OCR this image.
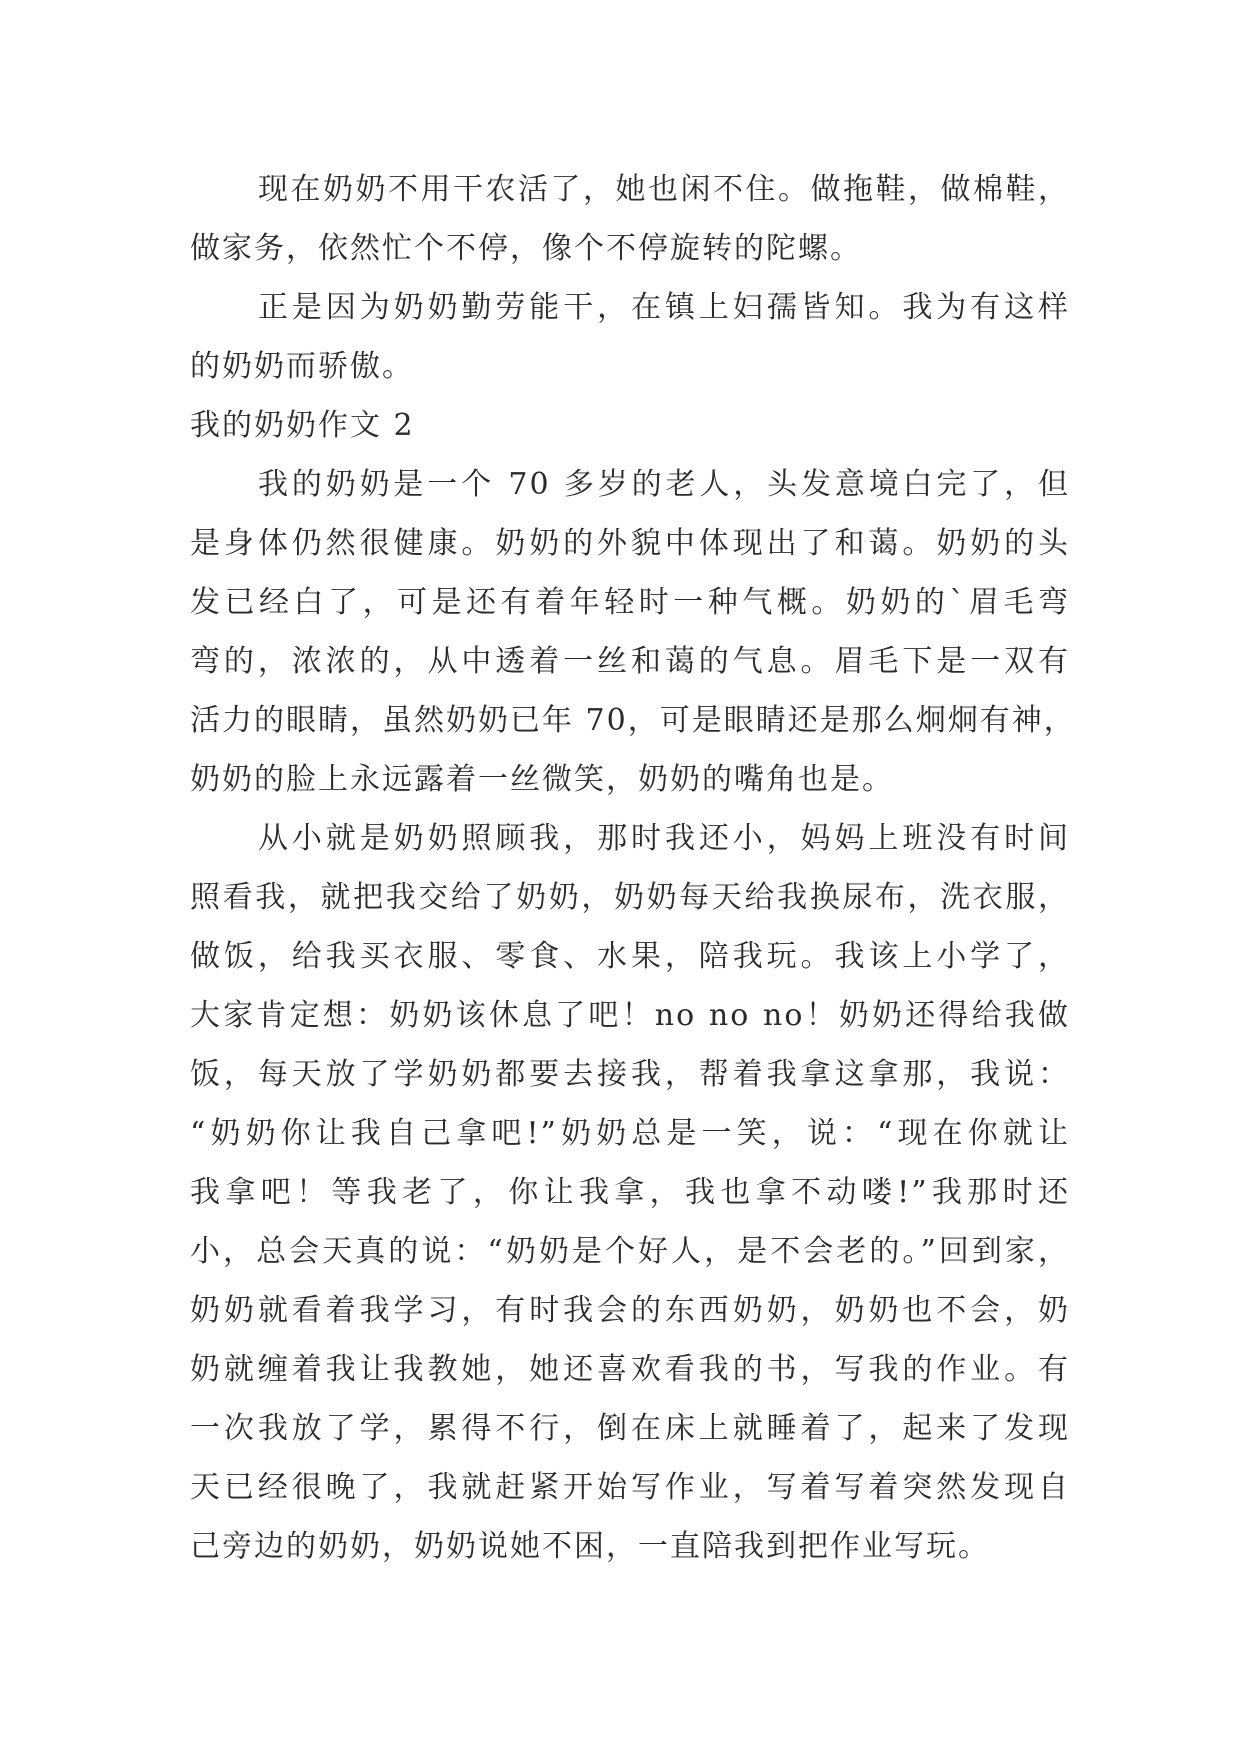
现在奶奶不用干农活了，她也闲不住。做拖鞋，做棉鞋，
做家务，依然忙个不停，像个不停旋转的陀螺。
正是因为奶奶勤劳能干，在镇上妇孺皆知。我为有这样
的奶奶而骄傲。
我的奶奶作文 2
我的奶奶是一个 70 多岁的老人，头发意境白完了，但
是身体仍然很健康。奶奶的外貌中体现出了和蔼。奶奶的头
发已经白了，可是还有着年轻时一种气概。奶奶的`眉毛弯
弯的，浓浓的，从中透着一丝和蔼的气息。眉毛下是一双有
活力的眼睛，虽然奶奶已年 70，可是眼睛还是那么炯炯有神，
奶奶的脸上永远露着一丝微笑，奶奶的嘴角也是。
从小就是奶奶照顾我，那时我还小，妈妈上班没有时间
照看我，就把我交给了奶奶，奶奶每天给我换尿布，洗衣服，
做饭，给我买衣服、零食、水果，陪我玩。我该上小学了，
大家肯定想：奶奶该休息了吧！no no no！奶奶还得给我做
饭，每天放了学奶奶都要去接我，帮着我拿这拿那，我说：
“奶奶你让我自己拿吧!”奶奶总是一笑，说：“现在你就让
我拿吧！等我老了，你让我拿，我也拿不动喽!”我那时还
小，总会天真的说：“奶奶是个好人，是不会老的。”回到家，
奶奶就看着我学习，有时我会的东西奶奶，奶奶也不会，奶
奶就缠着我让我教她，她还喜欢看我的书，写我的作业。有
一次我放了学，累得不行，倒在床上就睡着了，起来了发现
天已经很晚了，我就赶紧开始写作业，写着写着突然发现自
己旁边的奶奶，奶奶说她不困，一直陪我到把作业写玩。
